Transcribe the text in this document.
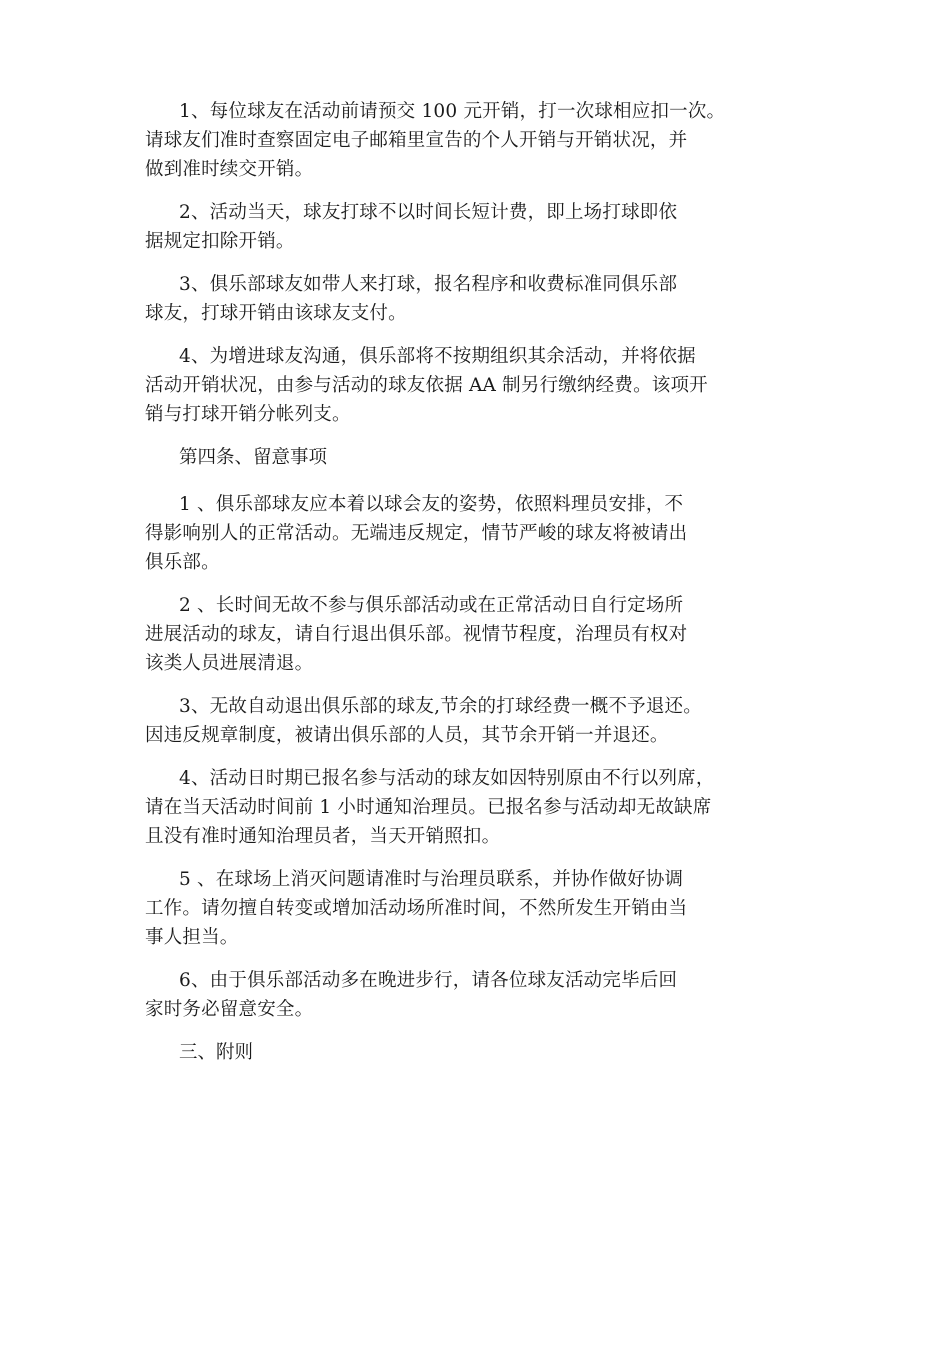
1、每位球友在活动前请预交 100 元开销，打一次球相应扣一次。
请球友们准时查察固定电子邮箱里宣告的个人开销与开销状况，并
做到准时续交开销。
2、活动当天，球友打球不以时间长短计费，即上场打球即依
据规定扣除开销。
3、俱乐部球友如带人来打球，报名程序和收费标准同俱乐部
球友，打球开销由该球友支付。
4、为增进球友沟通，俱乐部将不按期组织其余活动，并将依据
活动开销状况，由参与活动的球友依据 AA 制另行缴纳经费。该项开
销与打球开销分帐列支。
第四条、留意事项
1 、俱乐部球友应本着以球会友的姿势，依照料理员安排，不
得影响别人的正常活动。无端违反规定，情节严峻的球友将被请出
俱乐部。
2 、长时间无故不参与俱乐部活动或在正常活动日自行定场所
进展活动的球友，请自行退出俱乐部。视情节程度，治理员有权对
该类人员进展清退。
3、无故自动退出俱乐部的球友,节余的打球经费一概不予退还。
因违反规章制度，被请出俱乐部的人员，其节余开销一并退还。
4、活动日时期已报名参与活动的球友如因特别原由不行以列席，
请在当天活动时间前 1 小时通知治理员。已报名参与活动却无故缺席
且没有准时通知治理员者，当天开销照扣。
5 、在球场上消灭问题请准时与治理员联系，并协作做好协调
工作。请勿擅自转变或增加活动场所准时间，不然所发生开销由当
事人担当。
6、由于俱乐部活动多在晚进步行，请各位球友活动完毕后回
家时务必留意安全。
三、附则
